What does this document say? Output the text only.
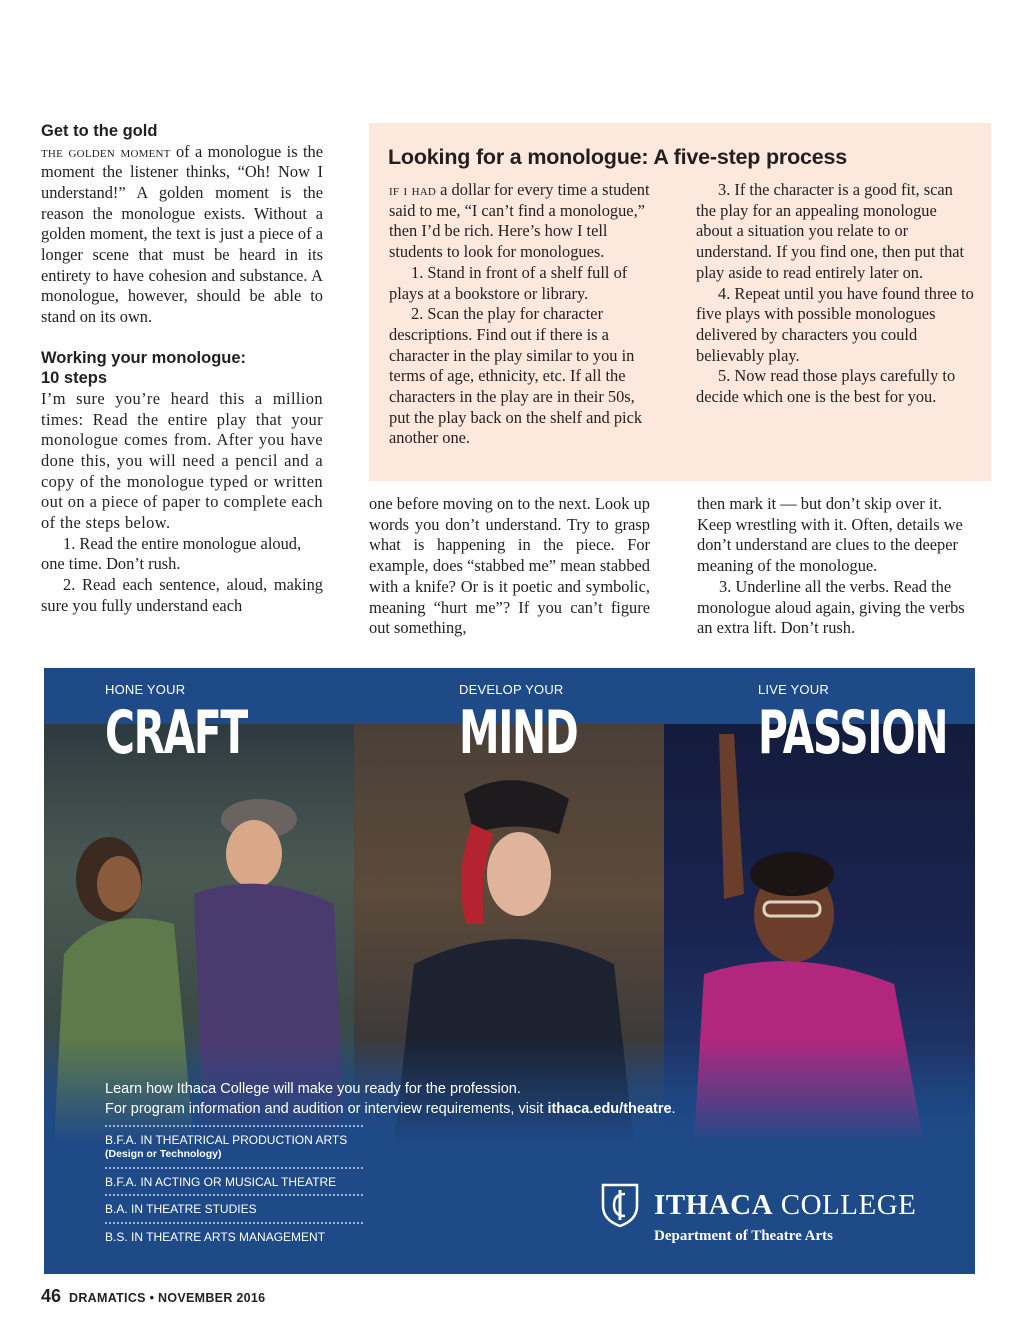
Get to the gold

the golden moment of a monologue is the moment the listener thinks, “Oh! Now I understand!” A golden moment is the reason the monologue exists. Without a golden moment, the text is just a piece of a longer scene that must be heard in its entirety to have cohesion and substance. A monologue, however, should be able to stand on its own.

Working your monologue:
10 steps

I’m sure you’re heard this a million times: Read the entire play that your monologue comes from. After you have done this, you will need a pencil and a copy of the monologue typed or written out on a piece of paper to complete each of the steps below.

1. Read the entire monologue aloud, one time. Don’t rush.

2. Read each sentence, aloud, making sure you fully understand each

Looking for a monologue: A five-step process

if i had a dollar for every time a student said to me, “I can’t find a monologue,” then I’d be rich. Here’s how I tell students to look for monologues.

1. Stand in front of a shelf full of plays at a bookstore or library.

2. Scan the play for character descriptions. Find out if there is a character in the play similar to you in terms of age, ethnicity, etc. If all the characters in the play are in their 50s, put the play back on the shelf and pick another one.

3. If the character is a good fit, scan the play for an appealing monologue about a situation you relate to or understand. If you find one, then put that play aside to read entirely later on.

4. Repeat until you have found three to five plays with possible monologues delivered by characters you could believably play.

5. Now read those plays carefully to decide which one is the best for you.

one before moving on to the next. Look up words you don’t understand. Try to grasp what is happening in the piece. For example, does “stabbed me” mean stabbed with a knife? Or is it poetic and symbolic, meaning “hurt me”? If you can’t figure out something,

then mark it — but don’t skip over it. Keep wrestling with it. Often, details we don’t understand are clues to the deeper meaning of the monologue.

3. Underline all the verbs. Read the monologue aloud again, giving the verbs an extra lift. Don’t rush.

HONE YOUR
CRAFT
DEVELOP YOUR
MIND
LIVE YOUR
PASSION
Learn how Ithaca College will make you ready for the profession.
For program information and audition or interview requirements, visit ithaca.edu/theatre.
B.F.A. IN THEATRICAL PRODUCTION ARTS
(Design or Technology)
B.F.A. IN ACTING OR MUSICAL THEATRE
B.A. IN THEATRE STUDIES
B.S. IN THEATRE ARTS MANAGEMENT
ITHACA COLLEGE
Department of Theatre Arts
46 DRAMATICS • NOVEMBER 2016
